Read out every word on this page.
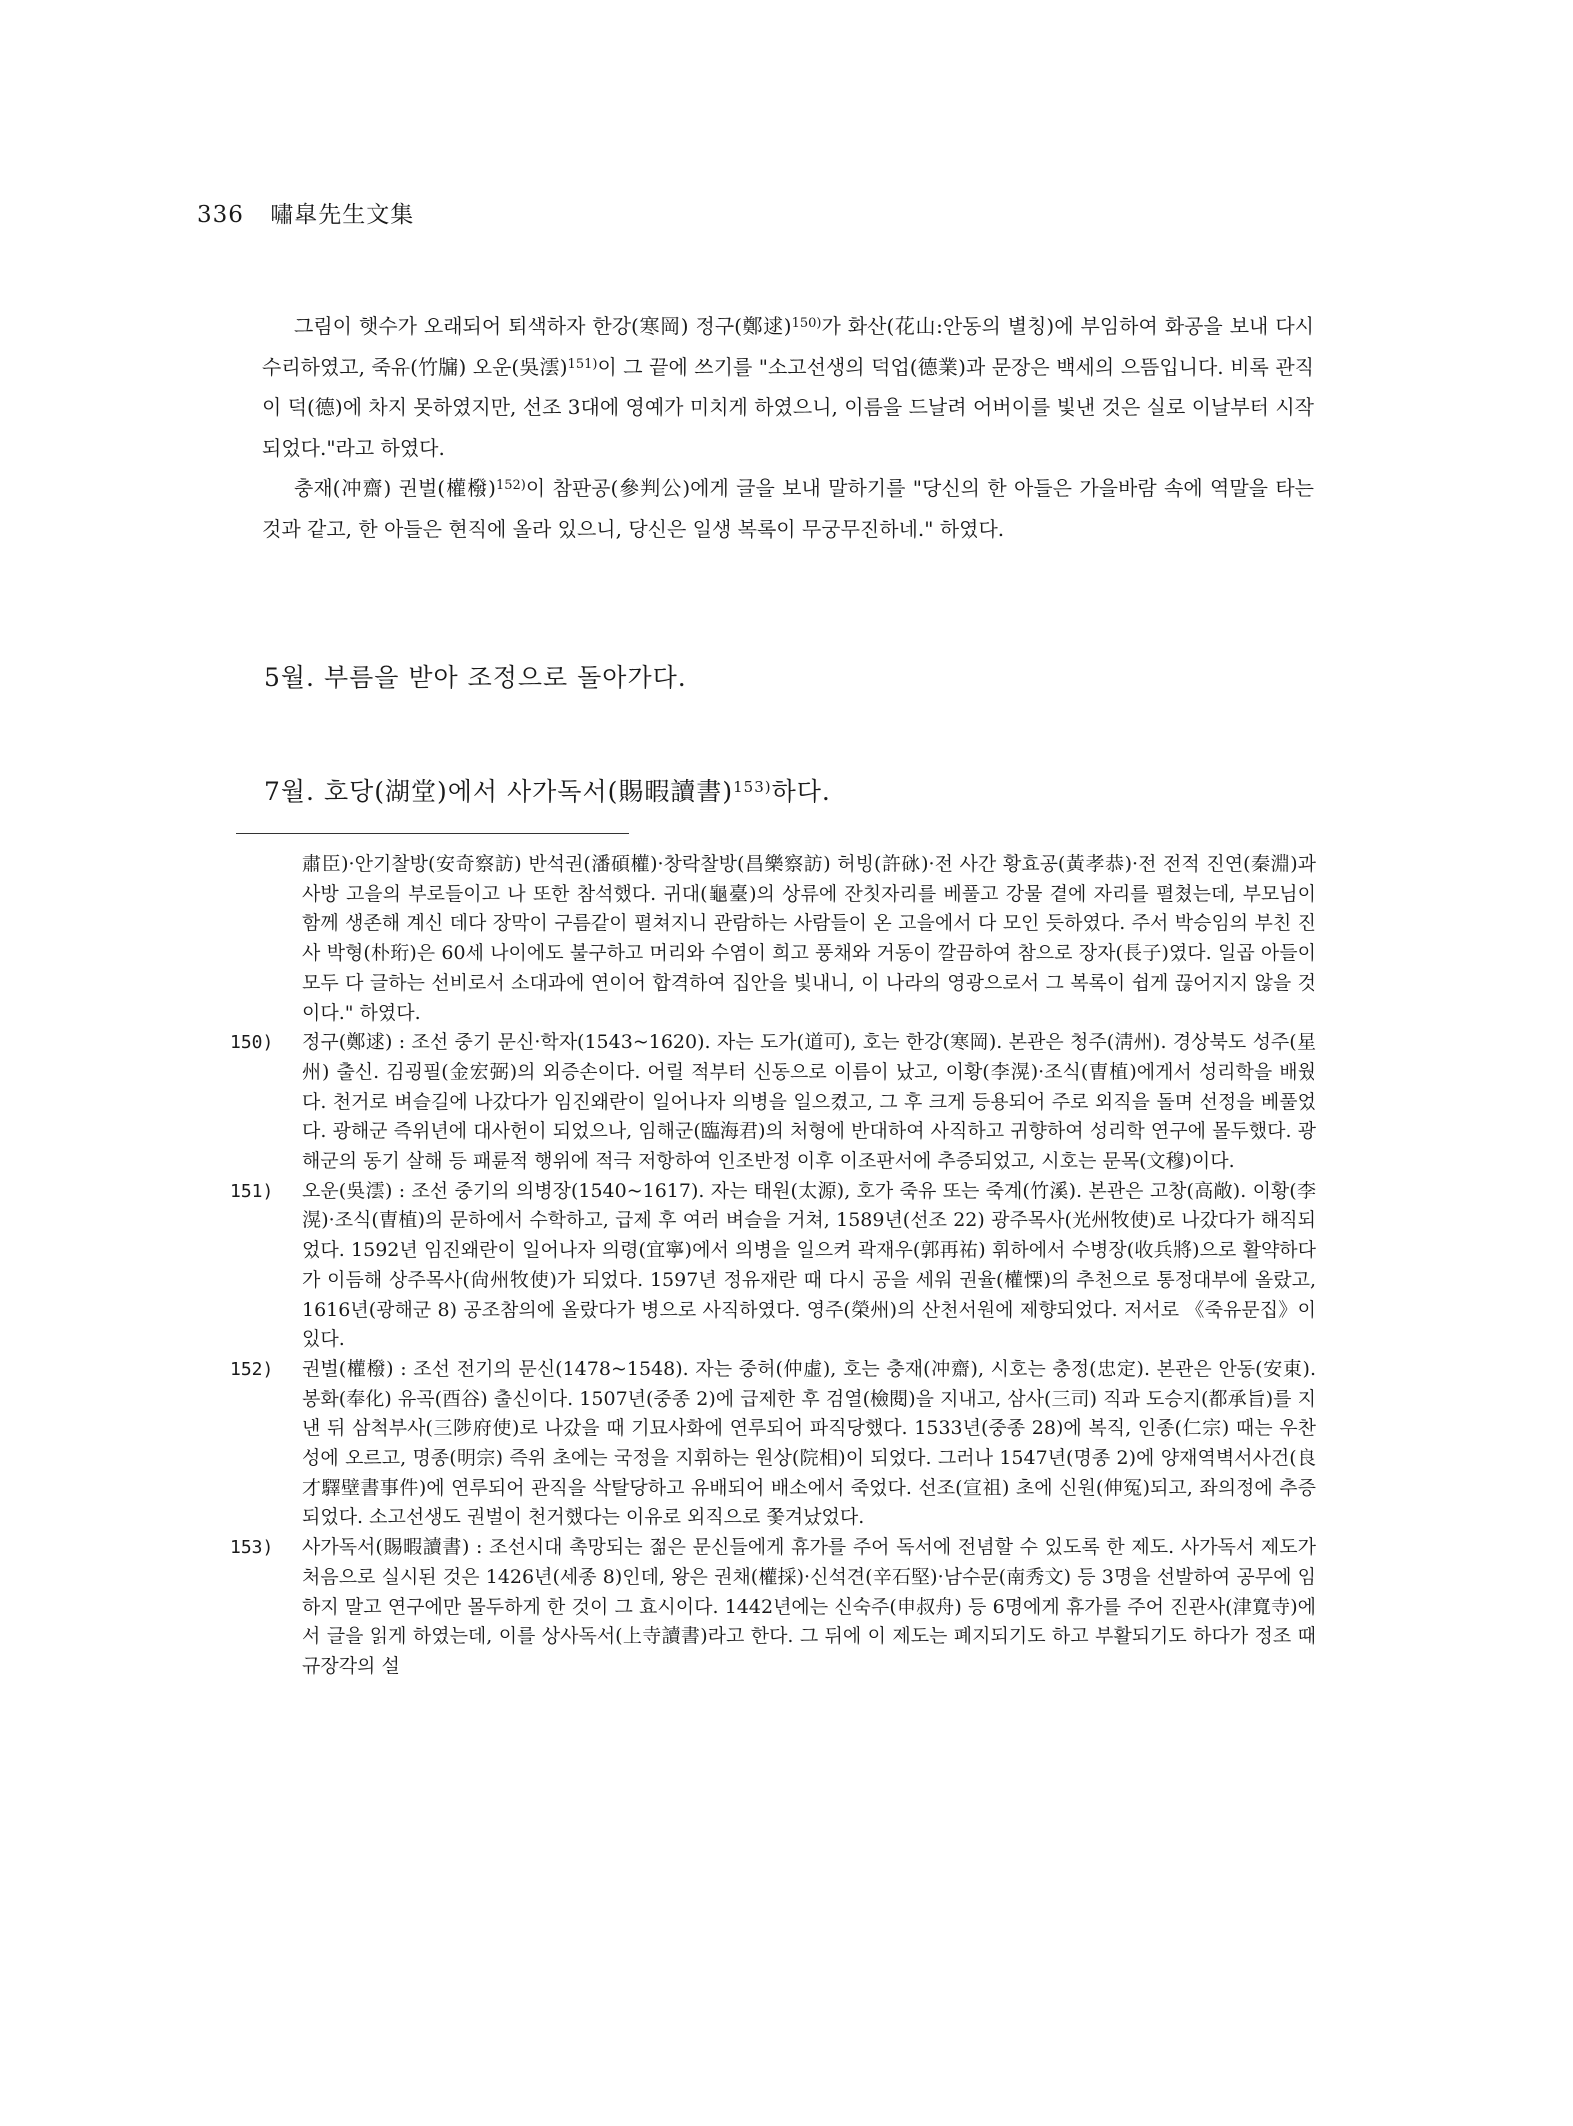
336 嘯皐先生文集

그림이 햇수가 오래되어 퇴색하자 한강(寒岡) 정구(鄭逑)$^{150)}$가 화산(花山:안동의 별칭)에 부임하여 화공을 보내 다시 수리하였고, 죽유(竹牖) 오운(吳澐)$^{151)}$이 그 끝에 쓰기를 "소고선생의 덕업(德業)과 문장은 백세의 으뜸입니다. 비록 관직이 덕(德)에 차지 못하였지만, 선조 3대에 영예가 미치게 하였으니, 이름을 드날려 어버이를 빛낸 것은 실로 이날부터 시작되었다."라고 하였다.

충재(冲齋) 권벌(權橃)$^{152)}$이 참판공(參判公)에게 글을 보내 말하기를 "당신의 한 아들은 가을바람 속에 역말을 타는 것과 같고, 한 아들은 현직에 올라 있으니, 당신은 일생 복록이 무궁무진하네." 하였다.

5월. 부름을 받아 조정으로 돌아가다.
7월. 호당(湖堂)에서 사가독서(賜暇讀書)$^{153)}$하다.

肅臣)·안기찰방(安奇察訪) 반석권(潘碩權)·창락찰방(昌樂察訪) 허빙(許砯)·전 사간 황효공(黃孝恭)·전 전적 진연(秦淵)과 사방 고을의 부로들이고 나 또한 참석했다. 귀대(龜臺)의 상류에 잔칫자리를 베풀고 강물 곁에 자리를 펼쳤는데, 부모님이 함께 생존해 계신 데다 장막이 구름같이 펼쳐지니 관람하는 사람들이 온 고을에서 다 모인 듯하였다. 주서 박승임의 부친 진사 박형(朴珩)은 60세 나이에도 불구하고 머리와 수염이 희고 풍채와 거동이 깔끔하여 참으로 장자(長子)였다. 일곱 아들이 모두 다 글하는 선비로서 소대과에 연이어 합격하여 집안을 빛내니, 이 나라의 영광으로서 그 복록이 쉽게 끊어지지 않을 것이다." 하였다.

150)	정구(鄭逑) : 조선 중기 문신·학자(1543~1620). 자는 도가(道可), 호는 한강(寒岡). 본관은 청주(淸州). 경상북도 성주(星州) 출신. 김굉필(金宏弼)의 외증손이다. 어릴 적부터 신동으로 이름이 났고, 이황(李滉)·조식(曺植)에게서 성리학을 배웠다. 천거로 벼슬길에 나갔다가 임진왜란이 일어나자 의병을 일으켰고, 그 후 크게 등용되어 주로 외직을 돌며 선정을 베풀었다. 광해군 즉위년에 대사헌이 되었으나, 임해군(臨海君)의 처형에 반대하여 사직하고 귀향하여 성리학 연구에 몰두했다. 광해군의 동기 살해 등 패륜적 행위에 적극 저항하여 인조반정 이후 이조판서에 추증되었고, 시호는 문목(文穆)이다.
151)	오운(吳澐) : 조선 중기의 의병장(1540~1617). 자는 태원(太源), 호가 죽유 또는 죽계(竹溪). 본관은 고창(高敞). 이황(李滉)·조식(曺植)의 문하에서 수학하고, 급제 후 여러 벼슬을 거쳐, 1589년(선조 22) 광주목사(光州牧使)로 나갔다가 해직되었다. 1592년 임진왜란이 일어나자 의령(宜寧)에서 의병을 일으켜 곽재우(郭再祐) 휘하에서 수병장(收兵將)으로 활약하다가 이듬해 상주목사(尙州牧使)가 되었다. 1597년 정유재란 때 다시 공을 세워 권율(權慄)의 추천으로 통정대부에 올랐고, 1616년(광해군 8) 공조참의에 올랐다가 병으로 사직하였다. 영주(榮州)의 산천서원에 제향되었다. 저서로 《죽유문집》이 있다.
152)	권벌(權橃) : 조선 전기의 문신(1478~1548). 자는 중허(仲虛), 호는 충재(冲齋), 시호는 충정(忠定). 본관은 안동(安東). 봉화(奉化) 유곡(酉谷) 출신이다. 1507년(중종 2)에 급제한 후 검열(檢閱)을 지내고, 삼사(三司) 직과 도승지(都承旨)를 지낸 뒤 삼척부사(三陟府使)로 나갔을 때 기묘사화에 연루되어 파직당했다. 1533년(중종 28)에 복직, 인종(仁宗) 때는 우찬성에 오르고, 명종(明宗) 즉위 초에는 국정을 지휘하는 원상(院相)이 되었다. 그러나 1547년(명종 2)에 양재역벽서사건(良才驛壁書事件)에 연루되어 관직을 삭탈당하고 유배되어 배소에서 죽었다. 선조(宣祖) 초에 신원(伸冤)되고, 좌의정에 추증되었다. 소고선생도 권벌이 천거했다는 이유로 외직으로 쫓겨났었다.
153)	사가독서(賜暇讀書) : 조선시대 촉망되는 젊은 문신들에게 휴가를 주어 독서에 전념할 수 있도록 한 제도. 사가독서 제도가 처음으로 실시된 것은 1426년(세종 8)인데, 왕은 권채(權採)·신석견(辛石堅)·남수문(南秀文) 등 3명을 선발하여 공무에 임하지 말고 연구에만 몰두하게 한 것이 그 효시이다. 1442년에는 신숙주(申叔舟) 등 6명에게 휴가를 주어 진관사(津寬寺)에서 글을 읽게 하였는데, 이를 상사독서(上寺讀書)라고 한다. 그 뒤에 이 제도는 폐지되기도 하고 부활되기도 하다가 정조 때 규장각의 설
